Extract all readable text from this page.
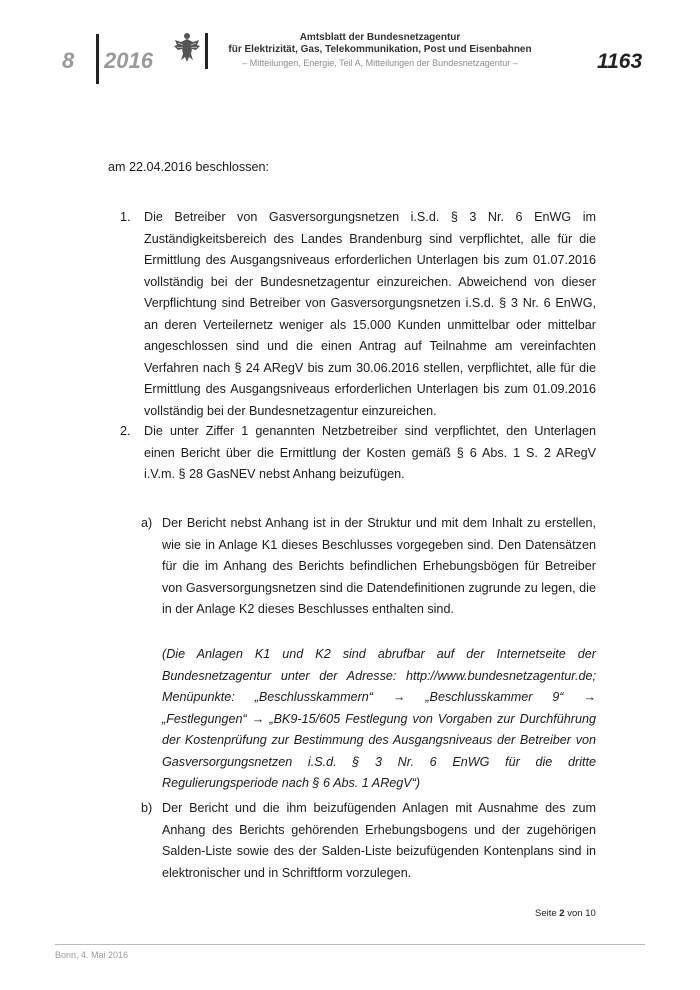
8 2016
Amtsblatt der Bundesnetzagentur
für Elektrizität, Gas, Telekommunikation, Post und Eisenbahnen
– Mitteilungen, Energie, Teil A, Mitteilungen der Bundesnetzagentur –	1163
am 22.04.2016 beschlossen:
1. Die Betreiber von Gasversorgungsnetzen i.S.d. § 3 Nr. 6 EnWG im Zuständigkeitsbereich des Landes Brandenburg sind verpflichtet, alle für die Ermittlung des Ausgangsniveaus erforderlichen Unterlagen bis zum 01.07.2016 vollständig bei der Bundesnetzagentur einzureichen. Abweichend von dieser Verpflichtung sind Betreiber von Gasversorgungsnetzen i.S.d. § 3 Nr. 6 EnWG, an deren Verteilernetz weniger als 15.000 Kunden unmittelbar oder mittelbar angeschlossen sind und die einen Antrag auf Teilnahme am vereinfachten Verfahren nach § 24 ARegV bis zum 30.06.2016 stellen, verpflichtet, alle für die Ermittlung des Ausgangsniveaus erforderlichen Unterlagen bis zum 01.09.2016 vollständig bei der Bundesnetzagentur einzureichen.
2. Die unter Ziffer 1 genannten Netzbetreiber sind verpflichtet, den Unterlagen einen Bericht über die Ermittlung der Kosten gemäß § 6 Abs. 1 S. 2 ARegV i.V.m. § 28 GasNEV nebst Anhang beizufügen.
a) Der Bericht nebst Anhang ist in der Struktur und mit dem Inhalt zu erstellen, wie sie in Anlage K1 dieses Beschlusses vorgegeben sind. Den Datensätzen für die im Anhang des Berichts befindlichen Erhebungsbögen für Betreiber von Gasversorgungsnetzen sind die Datendefinitionen zugrunde zu legen, die in der Anlage K2 dieses Beschlusses enthalten sind.
(Die Anlagen K1 und K2 sind abrufbar auf der Internetseite der Bundesnetzagentur unter der Adresse: http://www.bundesnetzagentur.de; Menüpunkte: „Beschlusskammern“ → „Beschlusskammer 9“ → „Festlegungen“ → „BK9-15/605 Festlegung von Vorgaben zur Durchführung der Kostenprüfung zur Bestimmung des Ausgangsniveaus der Betreiber von Gasversorgungsnetzen i.S.d. § 3 Nr. 6 EnWG für die dritte Regulierungsperiode nach § 6 Abs. 1 ARegV“)
b) Der Bericht und die ihm beizufügenden Anlagen mit Ausnahme des zum Anhang des Berichts gehörenden Erhebungsbogens und der zugehörigen Salden-Liste sowie des der Salden-Liste beizufügenden Kontenplans sind in elektronischer und in Schriftform vorzulegen.
Seite 2 von 10
Bonn, 4. Mai 2016
